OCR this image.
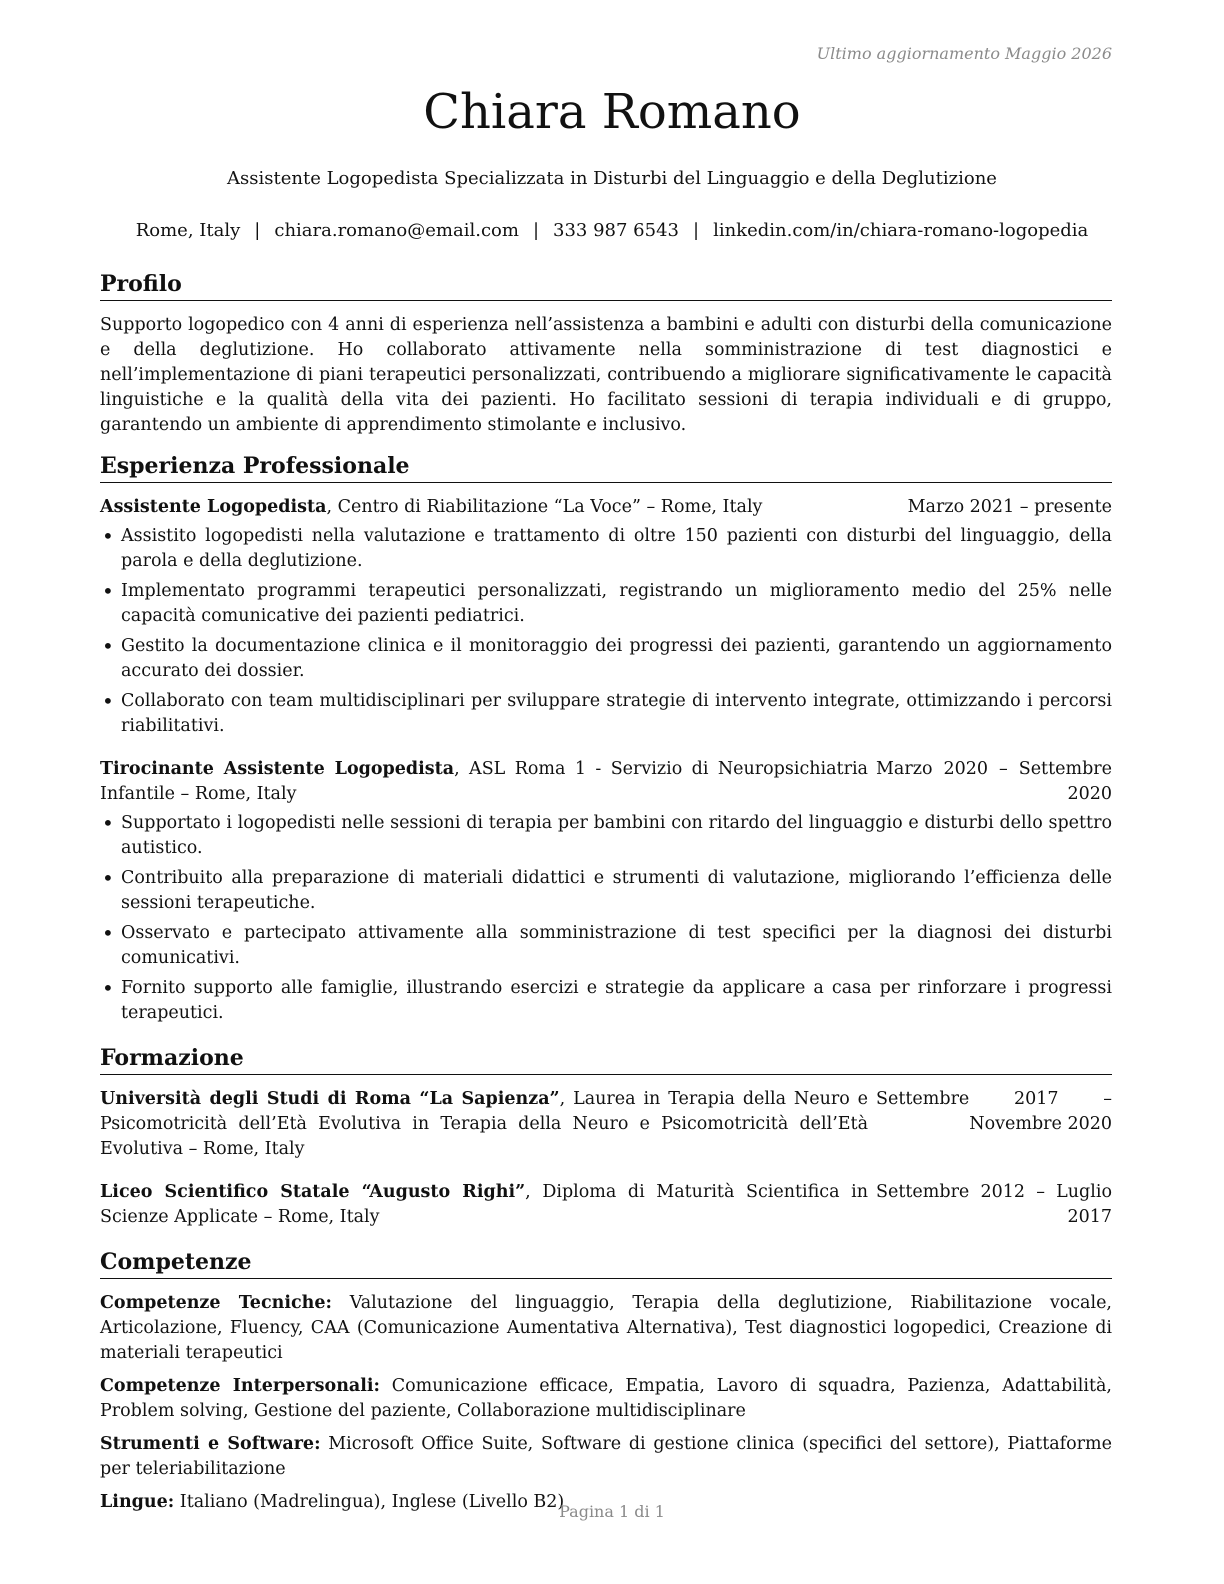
Ultimo aggiornamento Maggio 2026
Chiara Romano
Assistente Logopedista Specializzata in Disturbi del Linguaggio e della Deglutizione
Rome, Italy | chiara.romano@email.com | 333 987 6543 | linkedin.com/in/chiara-romano-logopedia
Profilo

Supporto logopedico con 4 anni di esperienza nell’assistenza a bambini e adulti con disturbi della comunicazione e della deglutizione. Ho collaborato attivamente nella somministrazione di test diagnostici e nell’implementazione di piani terapeutici personalizzati, contribuendo a migliorare significativamente le capacità linguistiche e la qualità della vita dei pazienti. Ho facilitato sessioni di terapia individuali e di gruppo, garantendo un ambiente di apprendimento stimolante e inclusivo.

Esperienza Professionale
Assistente Logopedista, Centro di Riabilitazione “La Voce” – Rome, Italy	Marzo 2021 – presente
• Assistito logopedisti nella valutazione e trattamento di oltre 150 pazienti con disturbi del linguaggio, della parola e della deglutizione.
• Implementato programmi terapeutici personalizzati, registrando un miglioramento medio del 25% nelle capacità comunicative dei pazienti pediatrici.
• Gestito la documentazione clinica e il monitoraggio dei progressi dei pazienti, garantendo un aggiornamento accurato dei dossier.
• Collaborato con team multidisciplinari per sviluppare strategie di intervento integrate, ottimizzando i percorsi riabilitativi.
Tirocinante Assistente Logopedista, ASL Roma 1 - Servizio di Neuropsichiatria Infantile – Rome, Italy
Marzo 2020 – Settembre 2020
• Supportato i logopedisti nelle sessioni di terapia per bambini con ritardo del linguaggio e disturbi dello spettro autistico.
• Contribuito alla preparazione di materiali didattici e strumenti di valutazione, migliorando l’efficienza delle sessioni terapeutiche.
• Osservato e partecipato attivamente alla somministrazione di test specifici per la diagnosi dei disturbi comunicativi.
• Fornito supporto alle famiglie, illustrando esercizi e strategie da applicare a casa per rinforzare i progressi terapeutici.
Formazione
Università degli Studi di Roma “La Sapienza”, Laurea in Terapia della Neuro e Psicomotricità dell’Età Evolutiva in Terapia della Neuro e Psicomotricità dell’Età Evolutiva – Rome, Italy
Settembre 2017 – Novembre 2020
Liceo Scientifico Statale “Augusto Righi”, Diploma di Maturità Scientifica in Scienze Applicate – Rome, Italy
Settembre 2012 – Luglio 2017
Competenze
Competenze Tecniche: Valutazione del linguaggio, Terapia della deglutizione, Riabilitazione vocale, Articolazione, Fluency, CAA (Comunicazione Aumentativa Alternativa), Test diagnostici logopedici, Creazione di materiali terapeutici
Competenze Interpersonali: Comunicazione efficace, Empatia, Lavoro di squadra, Pazienza, Adattabilità, Problem solving, Gestione del paziente, Collaborazione multidisciplinare
Strumenti e Software: Microsoft Office Suite, Software di gestione clinica (specifici del settore), Piattaforme per teleriabilitazione
Lingue: Italiano (Madrelingua), Inglese (Livello B2)
Pagina 1 di 1
